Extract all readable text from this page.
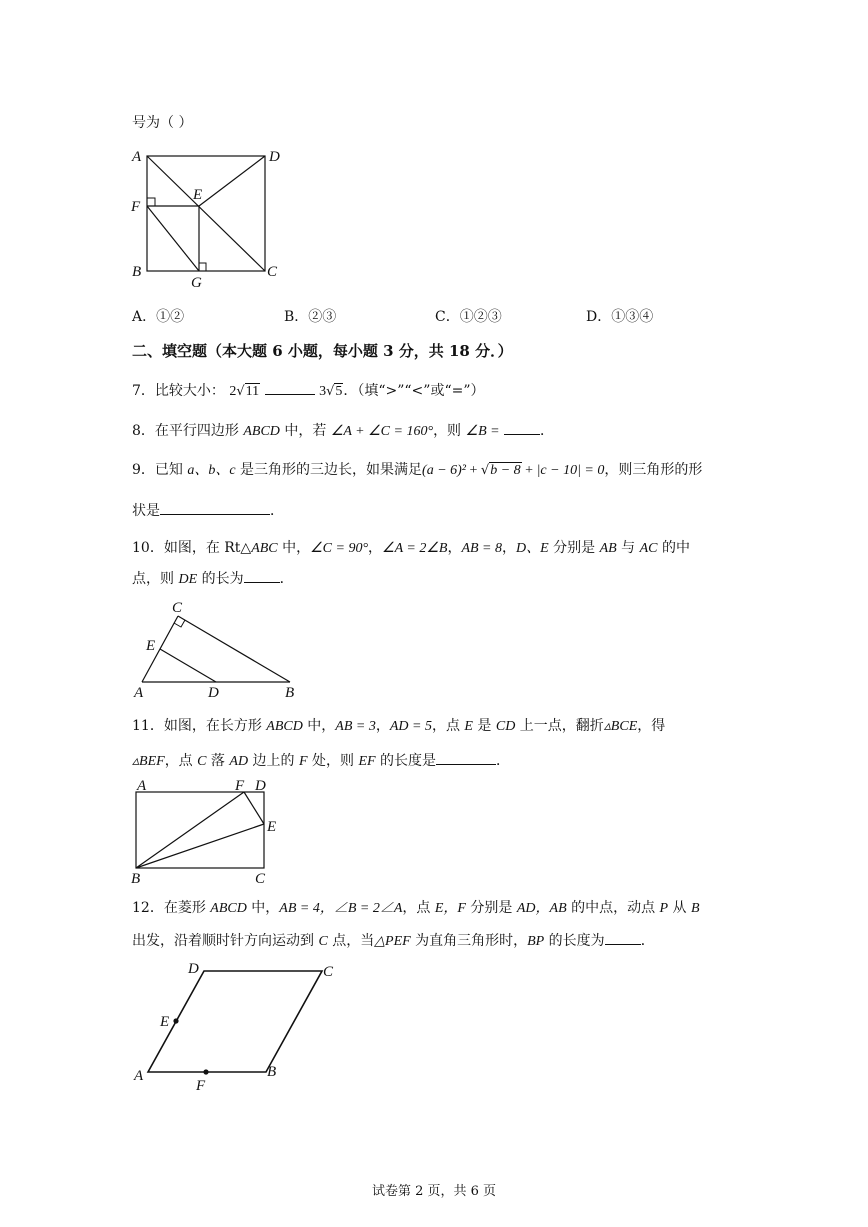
号为（ ）
A	D
E
F
B
G
C
A．①②	B．②③	C．①②③	D．①③④
二、填空题（本大题 6 小题，每小题 3 分，共 18 分．）
7．比较大小： 2√11	3√5．（填“>”“<”或“=”）
8．在平行四边形 ABCD 中，若 ∠A + ∠C = 160°，则 ∠B =	．
9．已知 a、b、c 是三角形的三边长，如果满足(a − 6)² + √b − 8 + |c − 10| = 0，则三角形的形
状是	．
10．如图，在 Rt△ABC 中，∠C = 90°，∠A = 2∠B，AB = 8，D、E 分别是 AB 与 AC 的中
点，则 DE 的长为	．
C
E
A	D	B
11．如图，在长方形 ABCD 中，AB = 3，AD = 5，点 E 是 CD 上一点，翻折▵BCE，得
▵BEF，点 C 落 AD 边上的 F 处，则 EF 的长度是	．
A	F D
E
B	C
12．在菱形 ABCD 中，AB = 4，∠B = 2∠A，点 E，F 分别是 AD，AB 的中点，动点 P 从 B
出发，沿着顺时针方向运动到 C 点，当△PEF 为直角三角形时，BP 的长度为	．
D	C
E
A
F
B
试卷第 2 页，共 6 页
